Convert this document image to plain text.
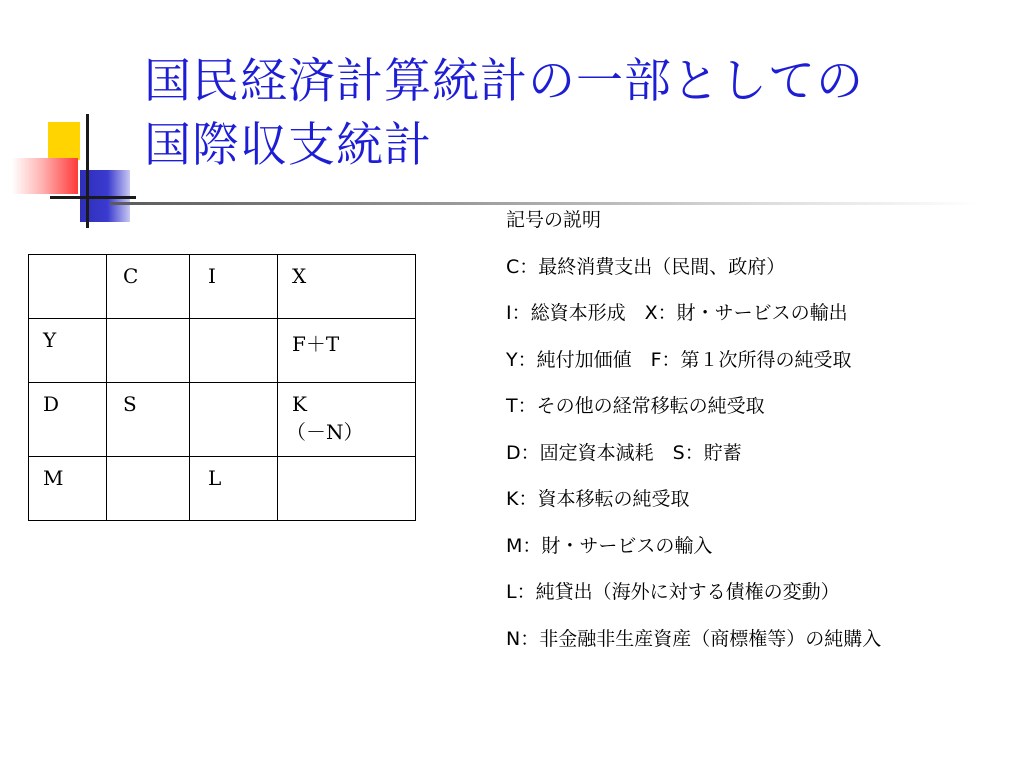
国民経済計算統計の一部としての
国際収支統計
	C	I	X
Y			F＋T
D	S		K
（－N）

M		L	
記号の説明
C：最終消費支出（民間、政府）
I：総資本形成　X：財・サービスの輸出
Y：純付加価値　F：第１次所得の純受取
T：その他の経常移転の純受取
D：固定資本減耗　S：貯蓄
K：資本移転の純受取
M：財・サービスの輸入
L：純貸出（海外に対する債権の変動）
N：非金融非生産資産（商標権等）の純購入
